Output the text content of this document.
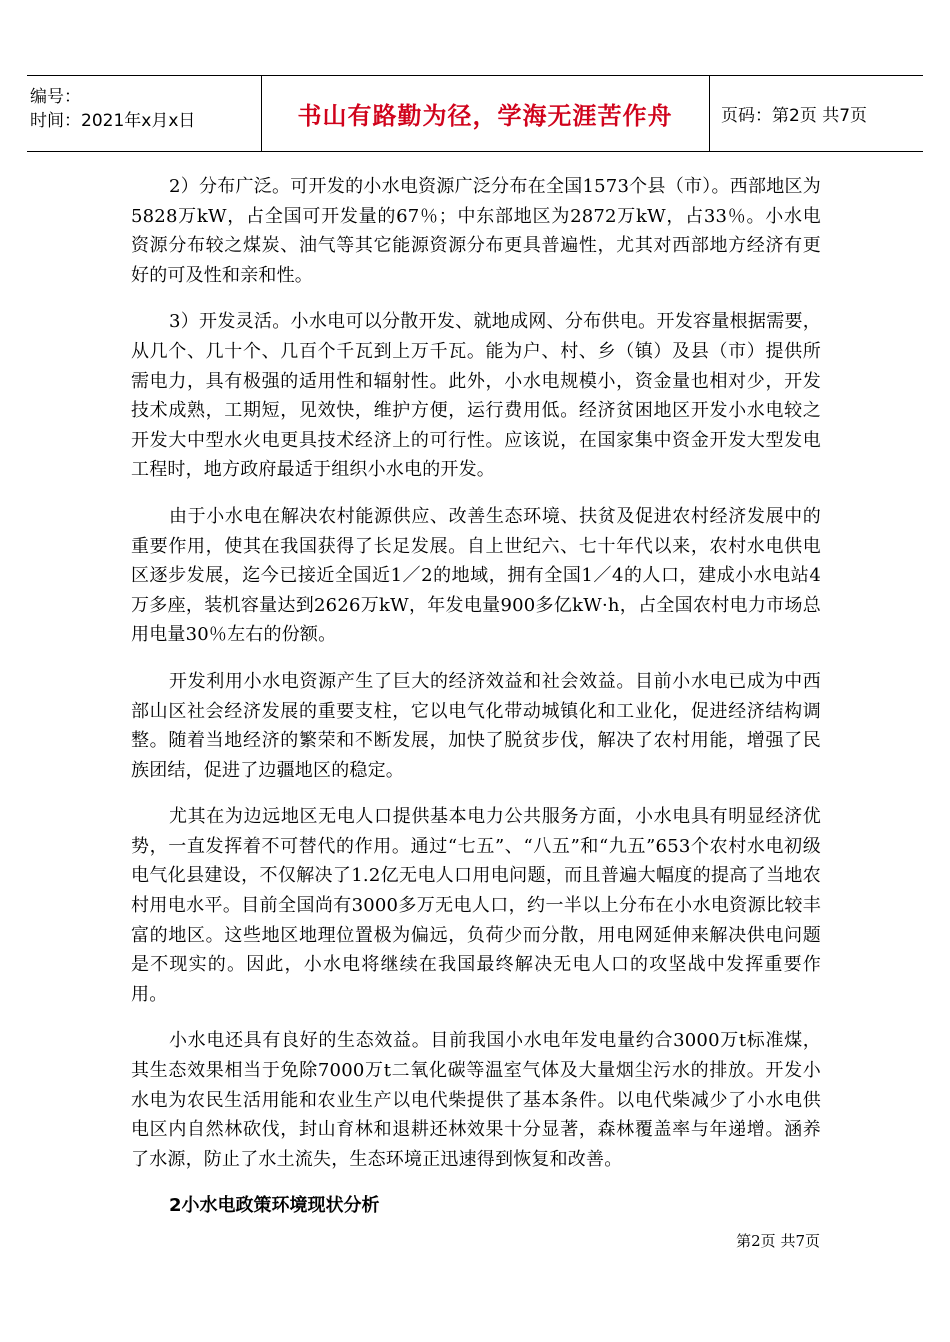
编号：
时间：2021年x月x日	书山有路勤为径，学海无涯苦作舟	页码：第2页 共7页

2）分布广泛。可开发的小水电资源广泛分布在全国1573个县（市）。西部地区为5828万kW，占全国可开发量的67％；中东部地区为2872万kW，占33％。小水电资源分布较之煤炭、油气等其它能源资源分布更具普遍性，尤其对西部地方经济有更好的可及性和亲和性。

3）开发灵活。小水电可以分散开发、就地成网、分布供电。开发容量根据需要，从几个、几十个、几百个千瓦到上万千瓦。能为户、村、乡（镇）及县（市）提供所需电力，具有极强的适用性和辐射性。此外，小水电规模小，资金量也相对少，开发技术成熟，工期短，见效快，维护方便，运行费用低。经济贫困地区开发小水电较之开发大中型水火电更具技术经济上的可行性。应该说，在国家集中资金开发大型发电工程时，地方政府最适于组织小水电的开发。

由于小水电在解决农村能源供应、改善生态环境、扶贫及促进农村经济发展中的重要作用，使其在我国获得了长足发展。自上世纪六、七十年代以来，农村水电供电区逐步发展，迄今已接近全国近1／2的地域，拥有全国1／4的人口，建成小水电站4万多座，装机容量达到2626万kW，年发电量900多亿kW·h，占全国农村电力市场总用电量30％左右的份额。

开发利用小水电资源产生了巨大的经济效益和社会效益。目前小水电已成为中西部山区社会经济发展的重要支柱，它以电气化带动城镇化和工业化，促进经济结构调整。随着当地经济的繁荣和不断发展，加快了脱贫步伐，解决了农村用能，增强了民族团结，促进了边疆地区的稳定。

尤其在为边远地区无电人口提供基本电力公共服务方面，小水电具有明显经济优势，一直发挥着不可替代的作用。通过“七五”、“八五”和“九五”653个农村水电初级电气化县建设，不仅解决了1.2亿无电人口用电问题，而且普遍大幅度的提高了当地农村用电水平。目前全国尚有3000多万无电人口，约一半以上分布在小水电资源比较丰富的地区。这些地区地理位置极为偏远，负荷少而分散，用电网延伸来解决供电问题是不现实的。因此，小水电将继续在我国最终解决无电人口的攻坚战中发挥重要作用。

小水电还具有良好的生态效益。目前我国小水电年发电量约合3000万t标准煤，其生态效果相当于免除7000万t二氧化碳等温室气体及大量烟尘污水的排放。开发小水电为农民生活用能和农业生产以电代柴提供了基本条件。以电代柴减少了小水电供电区内自然林砍伐，封山育林和退耕还林效果十分显著，森林覆盖率与年递增。涵养了水源，防止了水土流失，生态环境正迅速得到恢复和改善。

2小水电政策环境现状分析

第2页 共7页
